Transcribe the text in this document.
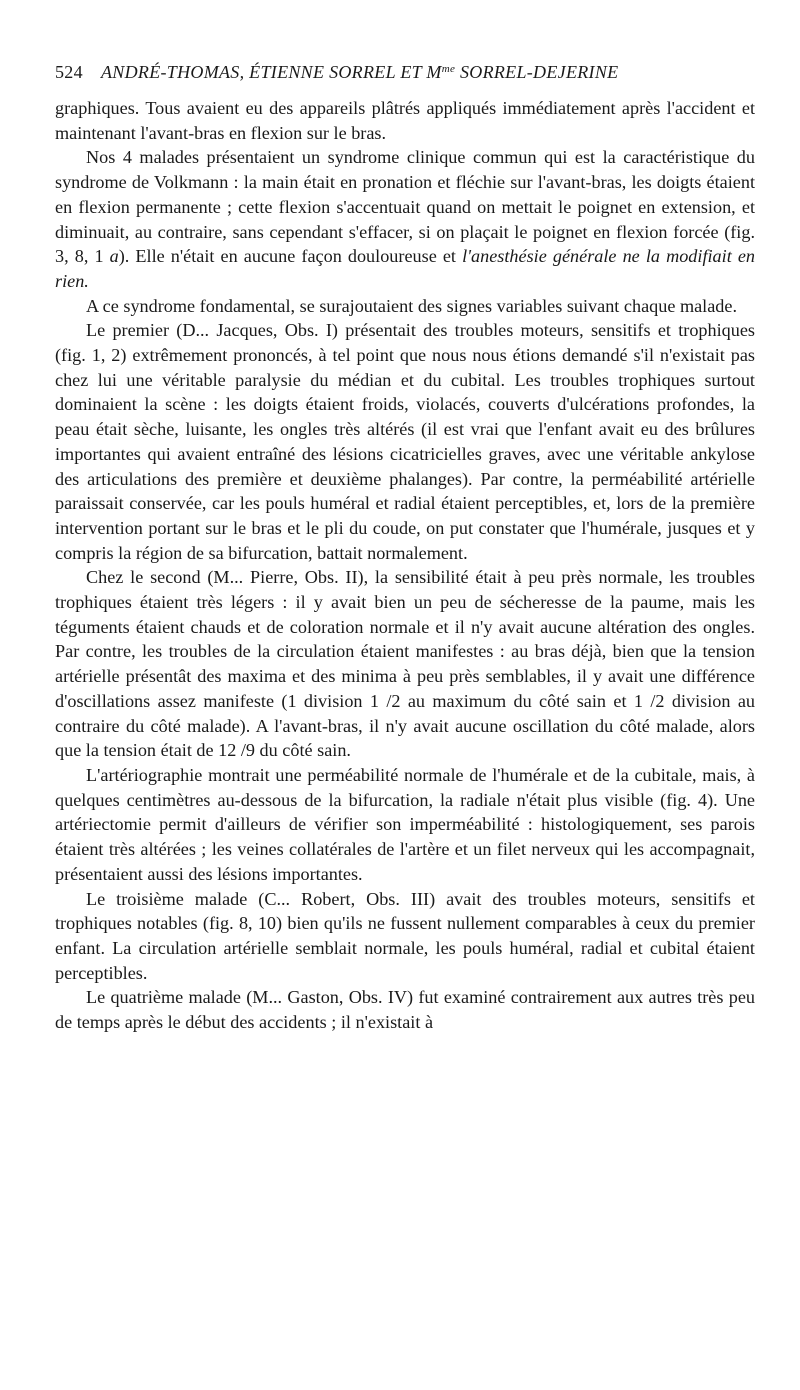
524 ANDRÉ-THOMAS, ÉTIENNE SORREL ET $M^{me}$ SORREL-DEJERINE

graphiques. Tous avaient eu des appareils plâtrés appliqués immédiatement après l'accident et maintenant l'avant-bras en flexion sur le bras.

Nos 4 malades présentaient un syndrome clinique commun qui est la caractéristique du syndrome de Volkmann : la main était en pronation et fléchie sur l'avant-bras, les doigts étaient en flexion permanente ; cette flexion s'accentuait quand on mettait le poignet en extension, et diminuait, au contraire, sans cependant s'effacer, si on plaçait le poignet en flexion forcée (fig. 3, 8, 1 a). Elle n'était en aucune façon douloureuse et l'anesthésie générale ne la modifiait en rien.

A ce syndrome fondamental, se surajoutaient des signes variables suivant chaque malade.

Le premier (D... Jacques, Obs. I) présentait des troubles moteurs, sensitifs et trophiques (fig. 1, 2) extrêmement prononcés, à tel point que nous nous étions demandé s'il n'existait pas chez lui une véritable paralysie du médian et du cubital. Les troubles trophiques surtout dominaient la scène : les doigts étaient froids, violacés, couverts d'ulcérations profondes, la peau était sèche, luisante, les ongles très altérés (il est vrai que l'enfant avait eu des brûlures importantes qui avaient entraîné des lésions cicatricielles graves, avec une véritable ankylose des articulations des première et deuxième phalanges). Par contre, la perméabilité artérielle paraissait conservée, car les pouls huméral et radial étaient perceptibles, et, lors de la première intervention portant sur le bras et le pli du coude, on put constater que l'humérale, jusques et y compris la région de sa bifurcation, battait normalement.

Chez le second (M... Pierre, Obs. II), la sensibilité était à peu près normale, les troubles trophiques étaient très légers : il y avait bien un peu de sécheresse de la paume, mais les téguments étaient chauds et de coloration normale et il n'y avait aucune altération des ongles. Par contre, les troubles de la circulation étaient manifestes : au bras déjà, bien que la tension artérielle présentât des maxima et des minima à peu près semblables, il y avait une différence d'oscillations assez manifeste (1 division 1 /2 au maximum du côté sain et 1 /2 division au contraire du côté malade). A l'avant-bras, il n'y avait aucune oscillation du côté malade, alors que la tension était de 12 /9 du côté sain.

L'artériographie montrait une perméabilité normale de l'humérale et de la cubitale, mais, à quelques centimètres au-dessous de la bifurcation, la radiale n'était plus visible (fig. 4). Une artériectomie permit d'ailleurs de vérifier son imperméabilité : histologiquement, ses parois étaient très altérées ; les veines collatérales de l'artère et un filet nerveux qui les accompagnait, présentaient aussi des lésions importantes.

Le troisième malade (C... Robert, Obs. III) avait des troubles moteurs, sensitifs et trophiques notables (fig. 8, 10) bien qu'ils ne fussent nullement comparables à ceux du premier enfant. La circulation artérielle semblait normale, les pouls huméral, radial et cubital étaient perceptibles.

Le quatrième malade (M... Gaston, Obs. IV) fut examiné contrairement aux autres très peu de temps après le début des accidents ; il n'existait à
